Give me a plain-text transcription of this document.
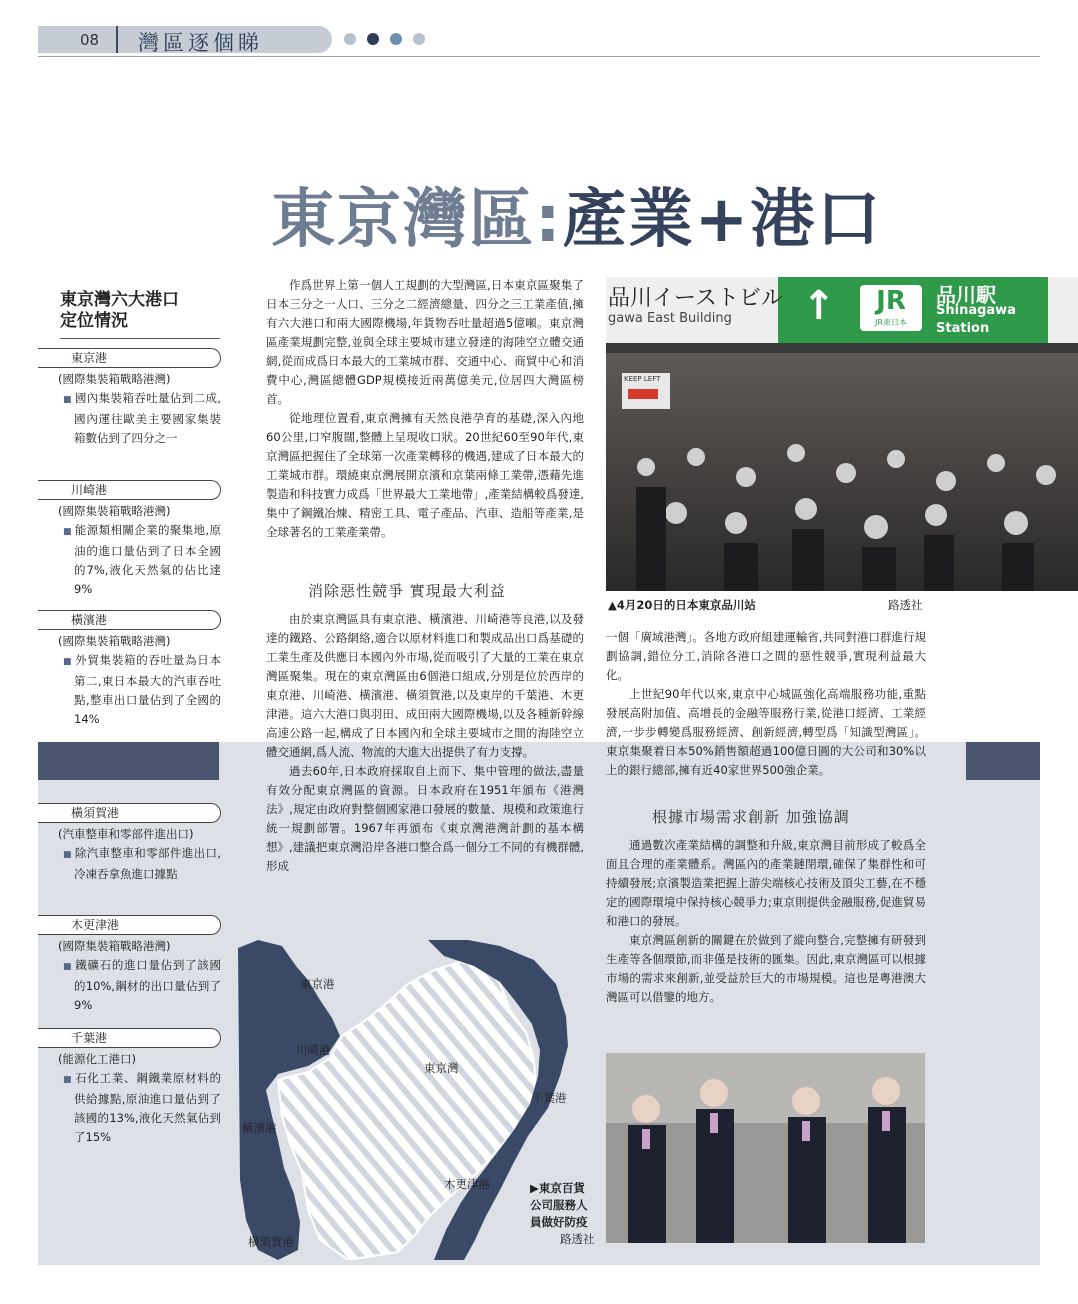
08 灣區逐個睇
東京灣區:產業+港口
東京灣六大港口
定位情況
東京港
(國際集裝箱戰略港灣)
■ 國內集裝箱吞吐量佔到二成,國內運往歐美主要國家集裝箱數佔到了四分之一
川崎港
(國際集裝箱戰略港灣)
■ 能源類相關企業的聚集地,原油的進口量佔到了日本全國的7%,液化天然氣的佔比達9%
橫濱港
(國際集裝箱戰略港灣)
■ 外貿集裝箱的吞吐量為日本第二,東日本最大的汽車吞吐點,整車出口量佔到了全國的14%
橫須賀港
(汽車整車和零部件進出口)
■ 除汽車整車和零部件進出口,冷凍吞拿魚進口據點
木更津港
(國際集裝箱戰略港灣)
■ 鐵礦石的進口量佔到了該國的10%,鋼材的出口量佔到了9%
千葉港
(能源化工港口)
■ 石化工業、鋼鐵業原材料的供給據點,原油進口量佔到了該國的13%,液化天然氣佔到了15%

作爲世界上第一個人工規劃的大型灣區,日本東京區聚集了日本三分之一人口、三分之二經濟總量、四分之三工業產值,擁有六大港口和兩大國際機場,年貨物吞吐量超過5億噸。東京灣區產業規劃完整,並與全球主要城市建立發達的海陸空立體交通網,從而成爲日本最大的工業城市群、交通中心、商貿中心和消費中心,灣區總體GDP規模接近兩萬億美元,位居四大灣區榜首。

從地理位置看,東京灣擁有天然良港孕育的基礎,深入內地60公里,口窄腹闊,整體上呈現收口狀。20世紀60至90年代,東京灣區把握住了全球第一次產業轉移的機遇,建成了日本最大的工業城市群。環繞東京灣展開京濱和京葉兩條工業帶,憑藉先進製造和科技實力成爲「世界最大工業地帶」,產業結構較爲發達,集中了鋼鐵冶煉、精密工具、電子產品、汽車、造船等產業,是全球著名的工業產業帶。

消除惡性競爭 實現最大利益

由於東京灣區具有東京港、橫濱港、川崎港等良港,以及發達的鐵路、公路網絡,適合以原材料進口和製成品出口爲基礎的工業生產及供應日本國內外市場,從而吸引了大量的工業在東京灣區聚集。現在的東京灣區由6個港口組成,分別是位於西岸的東京港、川崎港、橫濱港、橫須賀港,以及東岸的千葉港、木更津港。這六大港口與羽田、成田兩大國際機場,以及各種新幹線高速公路一起,構成了日本國內和全球主要城市之間的海陸空立體交通網,爲人流、物流的大進大出提供了有力支撐。

過去60年,日本政府採取自上而下、集中管理的做法,盡量有效分配東京灣區的資源。日本政府在1951年頒布《港灣法》,規定由政府對整個國家港口發展的數量、規模和政策進行統一規劃部署。1967年再頒布《東京灣港灣計劃的基本構想》,建議把東京灣沿岸各港口整合爲一個分工不同的有機群體,形成

品川イーストビル
gawa East Building ↑	JR
JR東日本
品川駅
Shinagawa
Station
KEEP LEFT
▲4月20日的日本東京品川站	路透社

一個「廣域港灣」。各地方政府組建運輸省,共同對港口群進行規劃協調,錯位分工,消除各港口之間的惡性競爭,實現利益最大化。

上世紀90年代以來,東京中心城區強化高端服務功能,重點發展高附加值、高增長的金融等服務行業,從港口經濟、工業經濟,一步步轉變爲服務經濟、創新經濟,轉型爲「知識型灣區」。東京集聚着日本50%銷售額超過100億日圓的大公司和30%以上的銀行總部,擁有近40家世界500強企業。

根據市場需求創新 加強協調

通過數次產業結構的調整和升級,東京灣目前形成了較爲全面且合理的產業體系。灣區內的產業鏈閉環,確保了集群性和可持續發展;京濱製造業把握上游尖端核心技術及頂尖工藝,在不穩定的國際環境中保持核心競爭力;東京則提供金融服務,促進貿易和港口的發展。

東京灣區創新的關鍵在於做到了縱向整合,完整擁有研發到生產等各個環節,而非僅是技術的匯集。因此,東京灣區可以根據市場的需求來創新,並受益於巨大的市場規模。這也是粵港澳大灣區可以借鑒的地方。

▶東京百貨
公司服務人
員做好防疫
路透社
東京港
川崎港
東京灣
千葉港
橫濱港
木更津港
橫須賀港
